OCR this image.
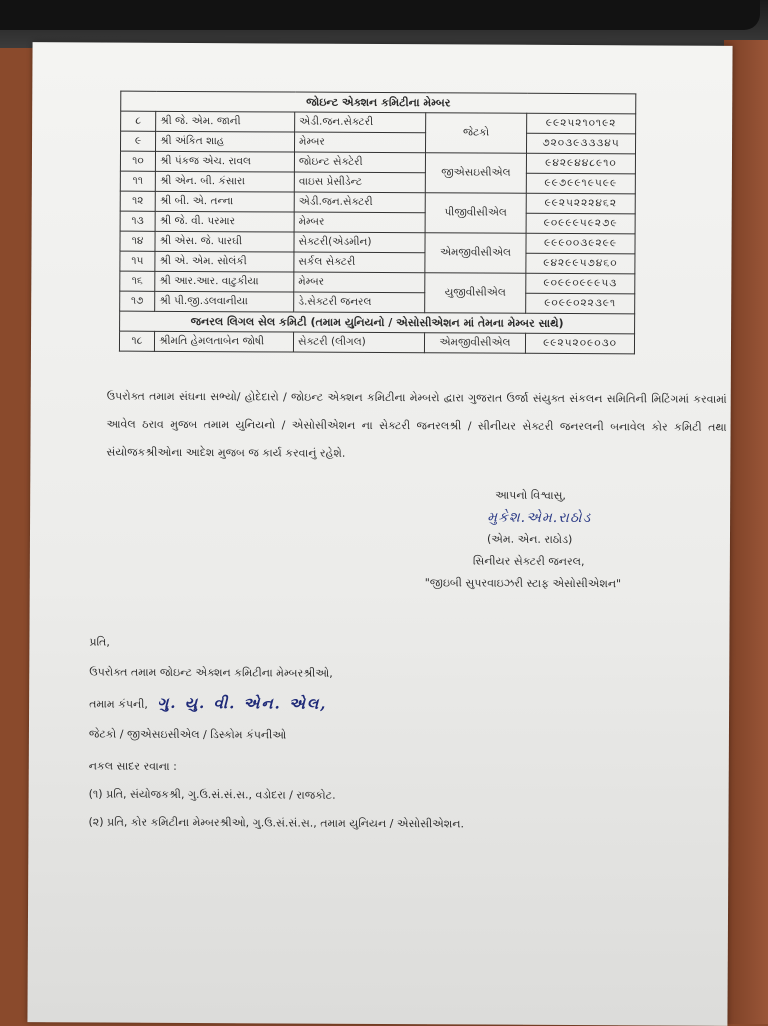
જોઇન્ટ એક્શન કમિટીના મેમ્બર				
૮	શ્રી જે. એમ. જાની	એડી.જન.સેક્ટરી	જેટકો	૯૯૨૫૨૧૦૧૯૨
૯	શ્રી અંકિત શાહ	મેમ્બર		૭૨૦૩૯૩૩૩૪૫
૧૦	શ્રી પંકજ એચ. રાવલ	જોઇન્ટ સેક્ટેરી	જીએસઇસીએલ	૯૪૨૯૪૪૮૯૧૦
૧૧	શ્રી એન. બી. કંસારા	વાઇસ પ્રેસીડેન્ટ		૯૯૭૯૯૧૯૫૯૯
૧૨	શ્રી બી. એ. તન્ના	એડી.જન.સેક્ટરી	પીજીવીસીએલ	૯૯૨૫૨૨૨૪૬૨
૧૩	શ્રી જે. વી. પરમાર	મેમ્બર		૯૦૯૯૯૫૯૨૭૯
૧૪	શ્રી એસ. જે. પારઘી	સેક્ટરી(એડમીન)	એમજીવીસીએલ	૯૯૯૦૦૩૯૨૯૯
૧૫	શ્રી એ. એમ. સોલંકી	સર્કલ સેક્ટરી		૯૪૨૯૯૫૭૪૬૦
૧૬	શ્રી આર.આર. વાટુકીયા	મેમ્બર	યુજીવીસીએલ	૯૦૯૯૦૯૯૯૫૩
૧૭	શ્રી પી.જી.ડલવાનીયા	ડે.સેક્ટરી જનરલ		૯૦૯૯૦૨૨૩૯૧
જનરલ લિગલ સેલ કમિટી (તમામ યુનિયનો / એસોસીએશન માં તેમના મેમ્બર સાથે)				
૧૮	શ્રીમતિ હેમલતાબેન જોષી	સેક્ટરી (લીગલ)	એમજીવીસીએલ	૯૯૨૫૨૦૯૦૩૦
ઉપરોક્ત તમામ સંઘના સભ્યો/ હોદેદારો / જોઇન્ટ એક્શન કમિટીના મેમ્બરો દ્વારા ગુજરાત ઉર્જા સંયુક્ત સંકલન સમિતિની મિટિંગમાં કરવામાં આવેલ ઠરાવ મુજબ તમામ યુનિયનો / એસોસીએશન ના સેક્ટરી જનરલશ્રી / સીનીયર સેક્ટરી જનરલની બનાવેલ કોર કમિટી તથા સંયોજકશ્રીઓના આદેશ મુજબ જ કાર્ય કરવાનું રહેશે.
આપનો વિશ્વાસુ,
મુકેશ.એમ.રાઠોડ
(એમ. એન. રાઠોડ)
સિનીયર સેક્ટરી જનરલ,
"જીઇબી સુપરવાઇઝરી સ્ટાફ એસોસીએશન"
પ્રતિ,
ઉપરોક્ત તમામ જોઇન્ટ એક્શન કમિટીના મેમ્બરશ્રીઓ,
તમામ કંપની, ગુ. યુ. વી. એન. એલ,
જેટકો / જીએસઇસીએલ / ડિસ્કોમ કંપનીઓ
નકલ સાદર રવાના :
(૧) પ્રતિ, સંયોજકશ્રી, ગુ.ઉ.સં.સં.સ., વડોદરા / રાજકોટ.
(૨) પ્રતિ, કોર કમિટીના મેમ્બરશ્રીઓ, ગુ.ઉ.સં.સં.સ., તમામ યુનિયન / એસોસીએશન.
